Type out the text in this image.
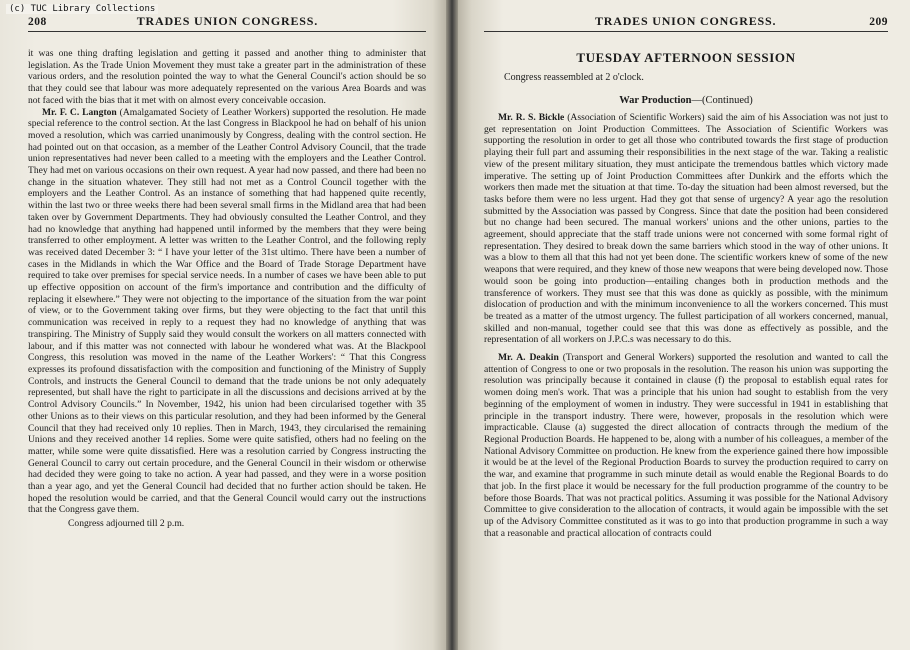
(c) TUC Library Collections
208	TRADES UNION CONGRESS.

it was one thing drafting legislation and getting it passed and another thing to administer that legislation. As the Trade Union Movement they must take a greater part in the administration of these various orders, and the resolution pointed the way to what the General Council's action should be so that they could see that labour was more adequately represented on the various Area Boards and was not faced with the bias that it met with on almost every conceivable occasion.

Mr. F. C. Langton (Amalgamated Society of Leather Workers) supported the resolution. He made special reference to the control section. At the last Congress in Blackpool he had on behalf of his union moved a resolution, which was carried unanimously by Congress, dealing with the control section. He had pointed out on that occasion, as a member of the Leather Control Advisory Council, that the trade union representatives had never been called to a meeting with the employers and the Leather Control. They had met on various occasions on their own request. A year had now passed, and there had been no change in the situation whatever. They still had not met as a Control Council together with the employers and the Leather Control. As an instance of something that had happened quite recently, within the last two or three weeks there had been several small firms in the Midland area that had been taken over by Government Departments. They had obviously consulted the Leather Control, and they had no knowledge that anything had happened until informed by the members that they were being transferred to other employment. A letter was written to the Leather Control, and the following reply was received dated December 3: “ I have your letter of the 31st ultimo. There have been a number of cases in the Midlands in which the War Office and the Board of Trade Storage Department have required to take over premises for special service needs. In a number of cases we have been able to put up effective opposition on account of the firm's importance and contribution and the difficulty of replacing it elsewhere.” They were not objecting to the importance of the situation from the war point of view, or to the Government taking over firms, but they were objecting to the fact that until this communication was received in reply to a request they had no knowledge of anything that was transpiring. The Ministry of Supply said they would consult the workers on all matters connected with labour, and if this matter was not connected with labour he wondered what was. At the Blackpool Congress, this resolution was moved in the name of the Leather Workers': “ That this Congress expresses its profound dissatisfaction with the composition and functioning of the Ministry of Supply Controls, and instructs the General Council to demand that the trade unions be not only adequately represented, but shall have the right to participate in all the discussions and decisions arrived at by the Control Advisory Councils.” In November, 1942, his union had been circularised together with 35 other Unions as to their views on this particular resolution, and they had been informed by the General Council that they had received only 10 replies. Then in March, 1943, they circularised the remaining Unions and they received another 14 replies. Some were quite satisfied, others had no feeling on the matter, while some were quite dissatisfied. Here was a resolution carried by Congress instructing the General Council to carry out certain procedure, and the General Council in their wisdom or otherwise had decided they were going to take no action. A year had passed, and they were in a worse position than a year ago, and yet the General Council had decided that no further action should be taken. He hoped the resolution would be carried, and that the General Council would carry out the instructions that the Congress gave them.

Congress adjourned till 2 p.m.
TRADES UNION CONGRESS.	209
TUESDAY AFTERNOON SESSION
Congress reassembled at 2 o'clock.
War Production—(Continued)

Mr. R. S. Bickle (Association of Scientific Workers) said the aim of his Association was not just to get representation on Joint Production Committees. The Association of Scientific Workers was supporting the resolution in order to get all those who contributed towards the first stage of production playing their full part and assuming their responsibilities in the next stage of the war. Taking a realistic view of the present military situation, they must anticipate the tremendous battles which victory made imperative. The setting up of Joint Production Committees after Dunkirk and the efforts which the workers then made met the situation at that time. To-day the situation had been almost reversed, but the tasks before them were no less urgent. Had they got that sense of urgency? A year ago the resolution submitted by the Association was passed by Congress. Since that date the position had been considered but no change had been secured. The manual workers' unions and the other unions, parties to the agreement, should appreciate that the staff trade unions were not concerned with some formal right of representation. They desired to break down the same barriers which stood in the way of other unions. It was a blow to them all that this had not yet been done. The scientific workers knew of some of the new weapons that were required, and they knew of those new weapons that were being developed now. Those would soon be going into production—entailing changes both in production methods and the transference of workers. They must see that this was done as quickly as possible, with the minimum dislocation of production and with the minimum inconvenience to all the workers concerned. This must be treated as a matter of the utmost urgency. The fullest participation of all workers concerned, manual, skilled and non-manual, together could see that this was done as effectively as possible, and the representation of all workers on J.P.C.s was necessary to do this.

Mr. A. Deakin (Transport and General Workers) supported the resolution and wanted to call the attention of Congress to one or two proposals in the resolution. The reason his union was supporting the resolution was principally because it contained in clause (f) the proposal to establish equal rates for women doing men's work. That was a principle that his union had sought to establish from the very beginning of the employment of women in industry. They were successful in 1941 in establishing that principle in the transport industry. There were, however, proposals in the resolution which were impracticable. Clause (a) suggested the direct allocation of contracts through the medium of the Regional Production Boards. He happened to be, along with a number of his colleagues, a member of the National Advisory Committee on production. He knew from the experience gained there how impossible it would be at the level of the Regional Production Boards to survey the production required to carry on the war, and examine that programme in such minute detail as would enable the Regional Boards to do that job. In the first place it would be necessary for the full production programme of the country to be before those Boards. That was not practical politics. Assuming it was possible for the National Advisory Committee to give consideration to the allocation of contracts, it would again be impossible with the set up of the Advisory Committee constituted as it was to go into that production programme in such a way that a reasonable and practical allocation of contracts could
